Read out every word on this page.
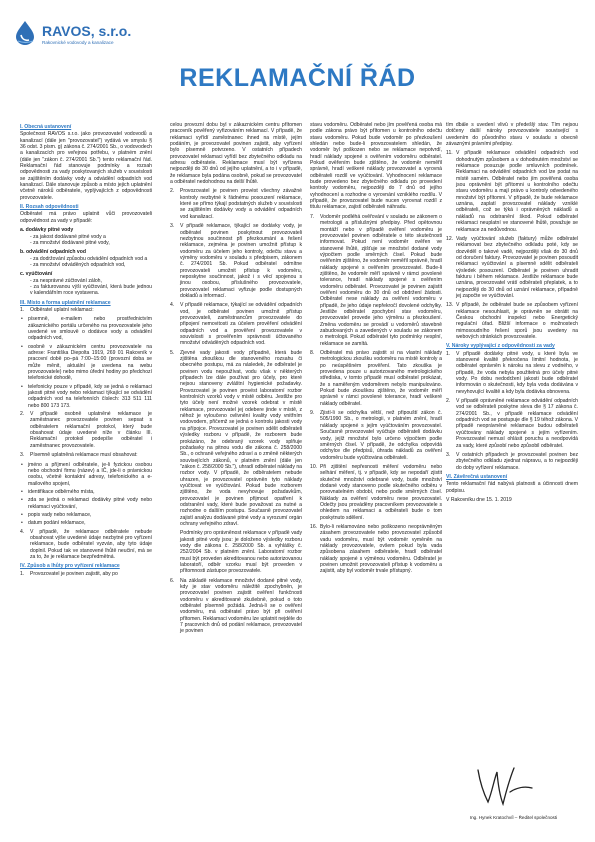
RAVOS, s.r.o.
Rakovnické vodovody a kanalizace
REKLAMAČNÍ ŘÁD
I. Obecná ustanovení
Společnost RAVOS s.r.o. jako provozovatel vodovodů a kanalizací (dále jen "provozovatel") vydává ve smyslu § 36 odst. 3 písm. g) zákona č. 274/2001 Sb., o vodovodech a kanalizacích pro veřejnou potřebu, v platném znění (dále jen "zákon č. 274/2001 Sb.") tento reklamační řád. Reklamační řád stanovuje podmínky a rozsah odpovědnosti za vady poskytovaných služeb v souvislosti se zajištěním dodávky vody a odvádění odpadních vod kanalizací. Dále stanovuje způsob a místo jejich uplatnění včetně nároků odběratele, vyplývajících z odpovědnosti provozovatele.
II. Rozsah odpovědnosti
Odběratel má právo uplatnit vůči provozovateli odpovědnost za vady v případě:
a. dodávky pitné vody
- za jakost dodávané pitné vody a
- za množství dodávané pitné vody,
b. odvádění odpadních vod
- za dodržování způsobu odvádění odpadních vod a
- za množství odváděných odpadních vod,
c. vyúčtování
- za nesprávné zúčtování záloh,
- za fakturovanou výši vyúčtování, která bude jednou v kalendářním roce vystavena.
III. Místo a forma uplatnění reklamace
1. Odběratel uplatní reklamaci:
• písemně, e-mailem nebo prostřednictvím zákaznického portálu určeného na provozovatele jeho uvedené ve smlouvě o dodávce vody a odvádění odpadních vod,
• osobně v zákaznickém centru provozovatele na adrese: Františka Diepolta 1919, 269 01 Rakovník v pracovní době po–pá 7:00–15:00 (provozní doba se může měnit, aktuální je uvedena na webu provozovatele) nebo mimo úřední hodiny po předchozí telefonické dohodě,
• telefonicky pouze v případě, kdy se jedná o reklamaci jakosti pitné vody nebo reklamaci týkající se odvádění odpadních vod na telefonních číslech: 313 511 111 nebo 800 173 173.
2. V případě osobně uplatněné reklamace je zaměstnanec provozovatele povinen sepsat s odběratelem reklamační protokol, který bude obsahovat údaje uvedené níže v článku III. Reklamační protokol podepíše odběratel i zaměstnanec provozovatele.
3. Písemně uplatněná reklamace musí obsahovat:
• jméno a příjmení odběratele, je-li fyzickou osobou nebo obchodní firmu (název) a IČ, jde-li o právnickou osobu, včetně kontaktní adresy, telefonického a e-mailového spojení,
• identifikace odběrného místa,
• zda se jedná o reklamaci dodávky pitné vody nebo reklamaci vyúčtování,
• popis vady nebo reklamace,
• datum podání reklamace,
4. V případě, že reklamace odběratele nebude obsahovat výše uvedené údaje nezbytné pro vyřízení reklamace, bude odběratel vyzván, aby tyto údaje doplnil. Pokud tak ve stanovené lhůtě neučiní, má se za to, že je reklamace bezpředmětná.
IV. Způsob a lhůty pro vyřízení reklamace
1. Provozovatel je povinen zajistit, aby po
celou provozní dobu byl v zákaznickém centru přítomen pracovník pověřený vyřizováním reklamací. V případě, že reklamaci vyřídí zaměstnanec ihned na místě, jejím podáním, je provozovatel povinen zajistit, aby vyřízení bylo písemně potvrzeno. V ostatních případech provozovatel reklamaci vyřídí bez zbytečného odkladu na adresu odběratele. Reklamace musí být vyřízena nejpozději do 30 dnů od jejího uplatnění, a to i v případě, že reklamace byla podána osobně, pokud se provozovatel a odběratel nedohodnou na delší lhůtě.
2. Provozovatel je povinen provést všechny závažné kontroly nezbytné k řádnému posouzení reklamace, které se přímo týkají podstatných služeb v souvislosti se zajištěním dodávky vody a odvádění odpadních vod kanalizací.
3. V případě reklamace, týkající se dodávky vody, je odběratel povinen poskytnout provozovateli nezbytnou součinnost při přezkoumání a řešení reklamace, zejména je povinen umožnit přístup k vodoměru za účelem jeho kontroly, odečtu stavu a výměny vodoměru v souladu s předpisem, zákonem č. 274/2001 Sb. Pokud odběratel odmítne provozovateli umožnit přístup k vodoměru, neposkytne součinnost, jakož i s věcí spojenou s jinou osobou, příslušného provozovatele, provozovatel reklamaci vyřizuje podle dostupných dokladů a informací.
4. V případě reklamace, týkající se odvádění odpadních vod, je odběratel povinen umožnit přístup provozovateli, zaměstnancům provozovatele do připojení nemovitosti za účelem prověření odvádění odpadních vod a prověření provozovatele v souvislosti s prověřením správnosti účtovaného množství odváděných odpadních vod.
5. Zjevné vady jakosti vody případně, která bude zjištěna zkouškou dle stanoveného rozsahu či obecného postupu, má za následek, že odběratel je povinen vodu nepoužívat, vodu však v některých případech lze dále používat pro účely, pro které nejsou stanoveny zvláštní hygienické požadavky. Provozovatel je povinen provést laboratorní rozbor kontrolních vzorků vody v místě odběru. Jestliže pro tyto účely není možné vzorek odebrat v místě reklamace, provozovatel jej odebere jinde v místě, z něhož je vyloučeno ovlivnění kvality vody vnitřním vodovodem, přičemž se jedná o kontrolu jakosti vody na přípojce. Provozovatel je povinen sdělit odběrateli výsledky rozboru v případě, že rozborem bude prokázáno, že odebraný vzorek vody splňuje požadavky na pitnou vodu dle zákona č. 258/2000 Sb., o ochraně veřejného zdraví a o změně některých souvisejících zákonů, v platném znění (dále jen "zákon č. 258/2000 Sb."), uhradí odběratel náklady na rozbor vody. V případě, že odběratelem nebude uhrazen, je provozovatel oprávněn tyto náklady vyúčtovat ve vyúčtování. Pokud bude rozborem zjištěno, že voda nevyhovuje požadavkům, provozovatel je povinen přijmout opatření k odstranění vady, které bude považovat za nutné a rozhodne o dalším postupu. Současně provozovatel zajistí analýzu dodávané pitné vody a vyrozumí orgán ochrany veřejného zdraví.
Podmínky pro oprávněnost reklamace v případě vady jakosti pitné vody jsou: je doloženo výsledky rozboru vody dle zákona č. 258/2000 Sb. a vyhlášky č. 252/2004 Sb. v platném znění. Laboratorní rozbor musí být proveden akreditovanou nebo autorizovanou laboratoří, odběr vzorku musí být proveden v přítomnosti zástupce provozovatele.
6. Na základě reklamace množství dodané pitné vody, kdy je stav vodoměru náležitě zpochybněn, je provozovatel povinen zajistit ověření funkčnosti vodoměru v akreditované zkušebně, pokud o toto odběratel písemně požádá. Jedná-li se o ověření vodoměru, má odběratel právo být při ověření přítomen. Reklamaci vodoměru lze uplatnit nejdéle do 7 pracovních dnů od podání reklamace, provozovatel je povinen
stavu vodoměru. Odběratel nebo jím pověřená osoba má podle zákona právo být přítomen u kontrolního odečtu stavu vodoměru. Pokud bude vodoměr po přezkoušení shledán nebo bude-li provozovatelem shledán, že vodoměr byl poškozen nebo se reklamace nepotvrdí, hradí náklady spojené s ověřením vodoměru odběratel. Pokud ověřením bude zjištěno, že vodoměr neměřil správně, hradí veškeré náklady provozovatel a vyrovná odběrateli rozdíl ve vyúčtování. Vyhodnocení reklamace bude provedeno bez zbytečného odkladu po provedení kontroly vodoměru, nejpozději do 7 dnů od jejího vyhodnocení a rozhodne o vyrovnání vzniklého rozdílu. V případě, že provozovatel bude nucen vyrovnat rozdíl z titulu reklamace, zajistí odběrateli náhradu.
7. Vodoměr podléhá ověřování v souladu se zákonem o metrologii a příslušnými předpisy. Před opětovnou montáží nebo v případě ověření vodoměru je provozovatel povinen odběratele o této skutečnosti informovat. Pokud není vodoměr ověřen ve stanovené lhůtě, zjišťuje se množství dodané vody výpočtem podle směrných čísel. Pokud bude ověřením zjištěno, že vodoměr neměřil správně, hradí náklady spojené s ověřením provozovatel. Bude-li zjištěno, že vodoměr měří správně v rámci povolené tolerance, hradí náklady spojené s ověřením vodoměru odběratel. Provozovatel je povinen zajistit ověření vodoměru do 30 dnů od obdržení žádosti. Odběratel nese náklady za ověření vodoměru v případě, že jeho údaje nepřekročí dovolené odchylky. Jestliže odběratel zpochybní stav vodoměru, provozovatel provede jeho výměnu a přezkoušení. Změna vodoměru se provádí u vodoměrů stavebně zabudovaných a zavedených v souladu se zákonem o metrologii. Pokud odběratel tyto podmínky nesplní, reklamace se zamítá.
8. Odběratel má právo zajistit si na vlastní náklady metrologickou zkoušku vodoměru na místě kontroly a po neúspěšném prověření. Tato zkouška je provedena pouze u autorizovaného metrologického střediska, v tomto případě musí odběratel prokázat, že s naměřeným vodoměrem nebylo manipulováno. Pokud bude zkouškou zjištěno, že vodoměr měří správně v rámci povolené tolerance, hradí veškeré náklady odběratel.
9. Zjistí-li se odchylka větší, než připouští zákon č. 505/1990 Sb., o metrologii, v platném znění, hradí náklady spojené s jejím vyúčtováním provozovatel. Současně provozovatel vyúčtuje odběrateli dodávku vody, jejíž množství bylo určeno výpočtem podle směrných čísel. V případě, že odchylka odpovídá odchylce dle předpisů, úhrada nákladů za ověření vodoměru bude vyúčtována odběrateli.
10. Při zjištění nepřesnosti měření vodoměru nebo selhání měření, tj. v případě, kdy se nepodaří zjistit skutečné množství odebrané vody, bude množství dodané vody stanoveno podle skutečného odběru v porovnatelném období, nebo podle směrných čísel. Náklady za ověření vodoměru nese provozovatel. Odečty jsou prováděny pracovníkem provozovatele s ohledem na reklamaci a odběrateli bude o tom poskytnuto sdělení.
16. Bylo-li reklamováno nebo poškozeno neoprávněným zásahem provozovatele nebo provozovatel způsobil vadu vodoměru, musí být vodoměr vyměněn na náklady provozovatele, ovšem pokud byla vada způsobena zásahem odběratele, hradí odběratel náklady spojené s výměnou vodoměru. Odběratel je povinen umožnit provozovateli přístup k vodoměru a zajistit, aby byl vodoměr trvale přístupný.
tím dbále s uvedení vlivů v předešlý stav. Tím nejsou dotčeny další nároky provozovatele související s uvedením do původního stavu v souladu s obecně závaznými právními předpisy.
11. V případě reklamace odvádění odpadních vod dohodnutým způsobem a v dohodnutém množství se reklamace posuzuje podle smluvních podmínek. Reklamaci na odvádění odpadních vod lze podat na místě samém. Odběratel nebo jím pověřená osoba jsou oprávněni být přítomni u kontrolního odečtu stavu vodoměru a mají právo u kontroly odvedeného množství být přítomni. V případě, že bude reklamace uznána, zaplatí provozovatel náklady vzniklé odběrateli, což se týká i oprávněných nákladů a nákladů na odstranění škod. Pokud odběratel reklamaci neuplatní ve stanovené lhůtě, považuje se reklamace za nedůvodnou.
12. Vady vyúčtování služeb (faktury) může odběratel reklamovat bez zbytečného odkladu poté, kdy se dozvěděl o takové vadě, nejpozději však do 30 dnů od doručení faktury. Provozovatel je povinen posoudit reklamaci vyúčtování a písemně sdělit odběrateli výsledek posouzení. Odběratel je povinen uhradit fakturu i během reklamace. Jestliže reklamace bude uznána, provozovatel vrátí odběrateli přeplatek, a to nejpozději do 30 dnů od uznání reklamace, případně jej započte ve vyúčtování.
13. V případě, že odběratel bude se způsobem vyřízení reklamace nesouhlasit, je oprávněn se obrátit na Českou obchodní inspekci nebo Energetický regulační úřad. Bližší informace o možnostech mimosoudního řešení sporů jsou uvedeny na webových stránkách provozovatele.
V. Nároky vyplývající z odpovědnosti za vady
1. V případě dodávky pitné vody, u které byla ve stanovené kvalitě překročena limitní hodnota, je odběratel oprávněn k nároku na slevu z vodného, v případě, že voda nebyla použitelná pro účely pitné vody. Po dobu nedodržení jakosti bude odběratel informován o skutečnosti, kdy byla voda dodávána v nevyhovující kvalitě a kdy byla dodávka obnovena.
2. V případě oprávněné reklamace odvádění odpadních vod se odběrateli poskytne sleva dle § 17 zákona č. 274/2001 Sb., v případě reklamace odvádění odpadních vod se postupuje dle § 19 téhož zákona. V případě neoprávněné reklamace budou odběrateli vyúčtovány náklady spojené s jejím vyřízením. Provozovatel nemusí ohlásit poruchu a neodpovídá za vady, které způsobí nebo způsobil odběratel.
3. V ostatních případech je provozovatel povinen bez zbytečného odkladu zjednat nápravu, a to nejpozději do doby vyřízení reklamace.
VI. Závěrečná ustanovení
Tento reklamační řád nabývá platnosti a účinnosti dnem podpisu.
V Rakovníku dne 15. 1. 2019
Ing. Hynek Kratochvíl – Ředitel společnosti
